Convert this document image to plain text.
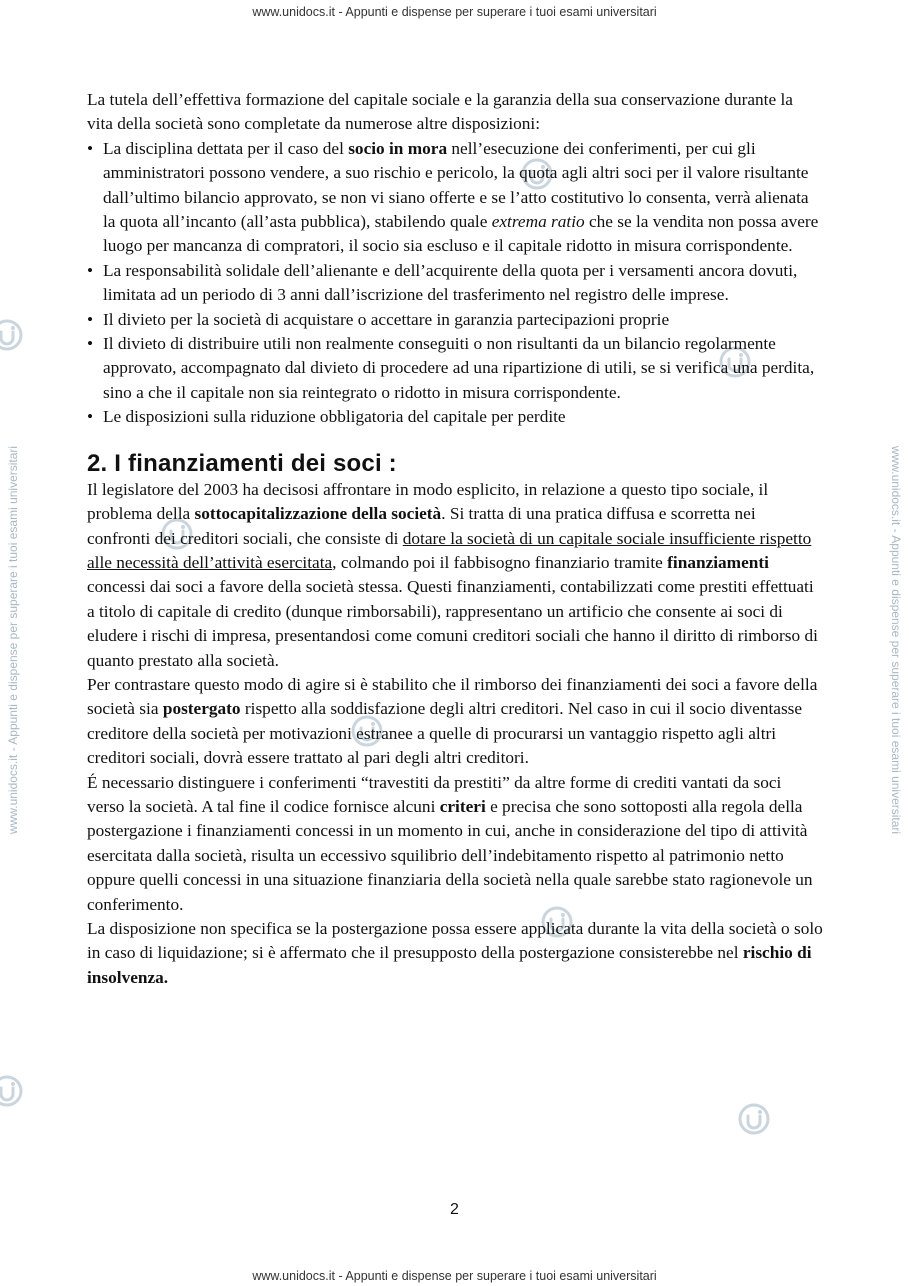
www.unidocs.it - Appunti e dispense per superare i tuoi esami universitari
www.unidocs.it - Appunti e dispense per superare i tuoi esami universitari	www.unidocs.it - Appunti e dispense per superare i tuoi esami universitari

La tutela dell’effettiva formazione del capitale sociale e la garanzia della sua conservazione durante la vita della società sono completate da numerose altre disposizioni:

• La disciplina dettata per il caso del socio in mora nell’esecuzione dei conferimenti, per cui gli amministratori possono vendere, a suo rischio e pericolo, la quota agli altri soci per il valore risultante dall’ultimo bilancio approvato, se non vi siano offerte e se l’atto costitutivo lo consenta, verrà alienata la quota all’incanto (all’asta pubblica), stabilendo quale extrema ratio che se la vendita non possa avere luogo per mancanza di compratori, il socio sia escluso e il capitale ridotto in misura corrispondente.
• La responsabilità solidale dell’alienante e dell’acquirente della quota per i versamenti ancora dovuti, limitata ad un periodo di 3 anni dall’iscrizione del trasferimento nel registro delle imprese.
• Il divieto per la società di acquistare o accettare in garanzia partecipazioni proprie
• Il divieto di distribuire utili non realmente conseguiti o non risultanti da un bilancio regolarmente approvato, accompagnato dal divieto di procedere ad una ripartizione di utili, se si verifica una perdita, sino a che il capitale non sia reintegrato o ridotto in misura corrispondente.
• Le disposizioni sulla riduzione obbligatoria del capitale per perdite
2. I finanziamenti dei soci :

Il legislatore del 2003 ha decisosi affrontare in modo esplicito, in relazione a questo tipo sociale, il problema della sottocapitalizzazione della società. Si tratta di una pratica diffusa e scorretta nei confronti dei creditori sociali, che consiste di dotare la società di un capitale sociale insufficiente rispetto alle necessità dell’attività esercitata, colmando poi il fabbisogno finanziario tramite finanziamenti concessi dai soci a favore della società stessa. Questi finanziamenti, contabilizzati come prestiti effettuati a titolo di capitale di credito (dunque rimborsabili), rappresentano un artificio che consente ai soci di eludere i rischi di impresa, presentandosi come comuni creditori sociali che hanno il diritto di rimborso di quanto prestato alla società.

Per contrastare questo modo di agire si è stabilito che il rimborso dei finanziamenti dei soci a favore della società sia postergato rispetto alla soddisfazione degli altri creditori. Nel caso in cui il socio diventasse creditore della società per motivazioni estranee a quelle di procurarsi un vantaggio rispetto agli altri creditori sociali, dovrà essere trattato al pari degli altri creditori.

É necessario distinguere i conferimenti “travestiti da prestiti” da altre forme di crediti vantati da soci verso la società. A tal fine il codice fornisce alcuni criteri e precisa che sono sottoposti alla regola della postergazione i finanziamenti concessi in un momento in cui, anche in considerazione del tipo di attività esercitata dalla società, risulta un eccessivo squilibrio dell’indebitamento rispetto al patrimonio netto oppure quelli concessi in una situazione finanziaria della società nella quale sarebbe stato ragionevole un conferimento.

La disposizione non specifica se la postergazione possa essere applicata durante la vita della società o solo in caso di liquidazione; si è affermato che il presupposto della postergazione consisterebbe nel rischio di insolvenza.

2
www.unidocs.it - Appunti e dispense per superare i tuoi esami universitari
